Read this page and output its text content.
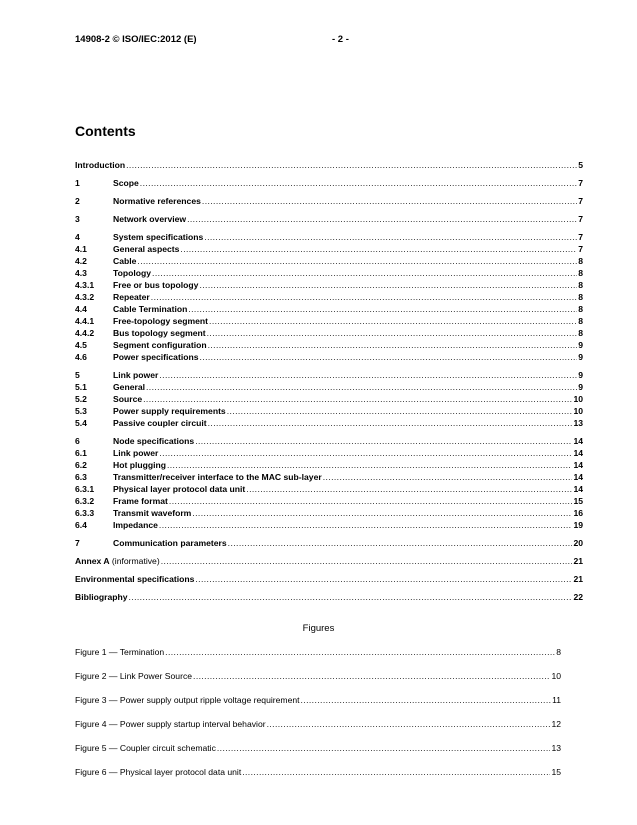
14908-2 © ISO/IEC:2012 (E)	- 2 -
Contents
Introduction .....	5
1	Scope .....	7
2	Normative references .....	7
3	Network overview .....	7
4	System specifications .....	7
4.1	General aspects .....	7
4.2	Cable .....	8
4.3	Topology .....	8
4.3.1	Free or bus topology .....	8
4.3.2	Repeater .....	8
4.4	Cable Termination .....	8
4.4.1	Free-topology segment .....	8
4.4.2	Bus topology segment .....	8
4.5	Segment configuration .....	9
4.6	Power specifications .....	9
5	Link power .....	9
5.1	General .....	9
5.2	Source .....	10
5.3	Power supply requirements .....	10
5.4	Passive coupler circuit .....	13
6	Node specifications .....	14
6.1	Link power .....	14
6.2	Hot plugging .....	14
6.3	Transmitter/receiver interface to the MAC sub-layer .....	14
6.3.1	Physical layer protocol data unit .....	14
6.3.2	Frame format .....	15
6.3.3	Transmit waveform .....	16
6.4	Impedance .....	19
7	Communication parameters .....	20
Annex A (informative) .....	21
Environmental specifications .....	21
Bibliography .....	22
Figures
Figure 1 — Termination .....	8
Figure 2 — Link Power Source .....	10
Figure 3 — Power supply output ripple voltage requirement .....	11
Figure 4 — Power supply startup interval behavior .....	12
Figure 5 — Coupler circuit schematic .....	13
Figure 6 — Physical layer protocol data unit .....	15
